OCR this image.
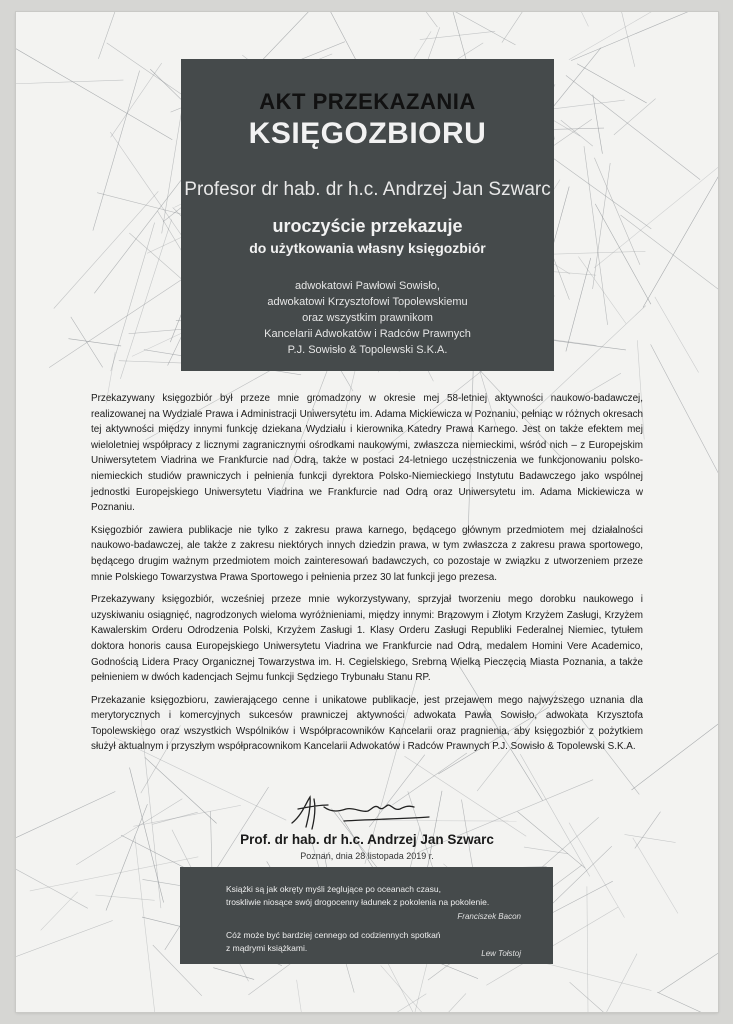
AKT PRZEKAZANIA
KSIĘGOZBIORU
Profesor dr hab. dr h.c. Andrzej Jan Szwarc
uroczyście przekazuje
do użytkowania własny księgozbiór
adwokatowi Pawłowi Sowisło,
adwokatowi Krzysztofowi Topolewskiemu
oraz wszystkim prawnikom
Kancelarii Adwokatów i Radców Prawnych
P.J. Sowisło & Topolewski S.K.A.

Przekazywany księgozbiór był przeze mnie gromadzony w okresie mej 58-letniej aktywności naukowo-badawczej, realizowanej na Wydziale Prawa i Administracji Uniwersytetu im. Adama Mickiewicza w Poznaniu, pełniąc w różnych okresach tej aktywności między innymi funkcję dziekana Wydziału i kierownika Katedry Prawa Karnego. Jest on także efektem mej wieloletniej współpracy z licznymi zagranicznymi ośrodkami naukowymi, zwłaszcza niemieckimi, wśród nich – z Europejskim Uniwersytetem Viadrina we Frankfurcie nad Odrą, także w postaci 24-letniego uczestniczenia we funkcjonowaniu polsko-niemieckich studiów prawniczych i pełnienia funkcji dyrektora Polsko-Niemieckiego Instytutu Badawczego jako wspólnej jednostki Europejskiego Uniwersytetu Viadrina we Frankfurcie nad Odrą oraz Uniwersytetu im. Adama Mickiewicza w Poznaniu.

Księgozbiór zawiera publikacje nie tylko z zakresu prawa karnego, będącego głównym przedmiotem mej działalności naukowo-badawczej, ale także z zakresu niektórych innych dziedzin prawa, w tym zwłaszcza z zakresu prawa sportowego, będącego drugim ważnym przedmiotem moich zainteresowań badawczych, co pozostaje w związku z utworzeniem przeze mnie Polskiego Towarzystwa Prawa Sportowego i pełnienia przez 30 lat funkcji jego prezesa.

Przekazywany księgozbiór, wcześniej przeze mnie wykorzystywany, sprzyjał tworzeniu mego dorobku naukowego i uzyskiwaniu osiągnięć, nagrodzonych wieloma wyróżnieniami, między innymi: Brązowym i Złotym Krzyżem Zasługi, Krzyżem Kawalerskim Orderu Odrodzenia Polski, Krzyżem Zasługi 1. Klasy Orderu Zasługi Republiki Federalnej Niemiec, tytułem doktora honoris causa Europejskiego Uniwersytetu Viadrina we Frankfurcie nad Odrą, medalem Homini Vere Academico, Godnością Lidera Pracy Organicznej Towarzystwa im. H. Cegielskiego, Srebrną Wielką Pieczęcią Miasta Poznania, a także pełnieniem w dwóch kadencjach Sejmu funkcji Sędziego Trybunału Stanu RP.

Przekazanie księgozbioru, zawierającego cenne i unikatowe publikacje, jest przejawem mego najwyższego uznania dla merytorycznych i komercyjnych sukcesów prawniczej aktywności adwokata Pawła Sowisło, adwokata Krzysztofa Topolewskiego oraz wszystkich Wspólników i Współpracowników Kancelarii oraz pragnienia, aby księgozbiór z pożytkiem służył aktualnym i przyszłym współpracownikom Kancelarii Adwokatów i Radców Prawnych P.J. Sowisło & Topolewski S.K.A.

Prof. dr hab. dr h.c. Andrzej Jan Szwarc
Poznań, dnia 28 listopada 2019 r.
Książki są jak okręty myśli żeglujące po oceanach czasu,
troskliwie niosące swój drogocenny ładunek z pokolenia na pokolenie.
Franciszek Bacon
Cóż może być bardziej cennego od codziennych spotkań
z mądrymi książkami.
Lew Tołstoj
